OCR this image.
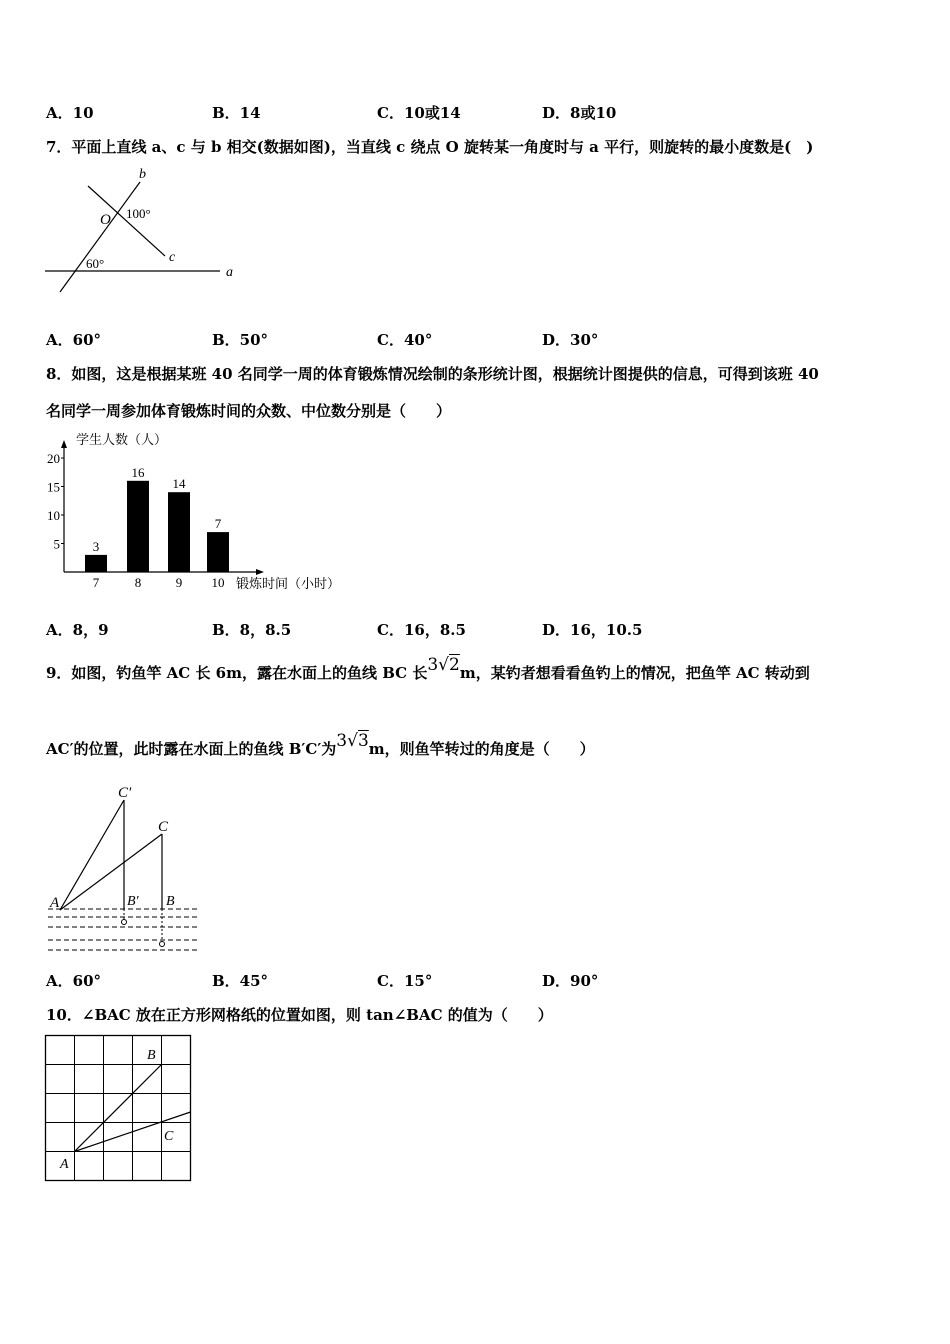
A．10	B．14	C．10或14	D．8或10
7．平面上直线 a、c 与 b 相交(数据如图)，当直线 c 绕点 O 旋转某一角度时与 a 平行，则旋转的最小度数是(　)
b
O 100°
c
60°
a
A．60°	B．50°	C．40°	D．30°
8．如图，这是根据某班 40 名同学一周的体育锻炼情况绘制的条形统计图，根据统计图提供的信息，可得到该班 40
名同学一周参加体育锻炼时间的众数、中位数分别是（　　）
学生人数（人）
锻炼时间（小时）
5
10
15
20
3
7
16
8
14
9
7
10
A．8，9	B．8，8.5	C．16，8.5	D．16，10.5
9．如图，钓鱼竿 AC 长 6m，露在水面上的鱼线 BC 长3√2m，某钓者想看看鱼钓上的情况，把鱼竿 AC 转动到
AC′的位置，此时露在水面上的鱼线 B′C′为3√3m，则鱼竿转过的角度是（　　）
C′
C
A	B′ B
A．60°	B．45°	C．15°	D．90°
10．∠BAC 放在正方形网格纸的位置如图，则 tan∠BAC 的值为（　　）
B
C
A
